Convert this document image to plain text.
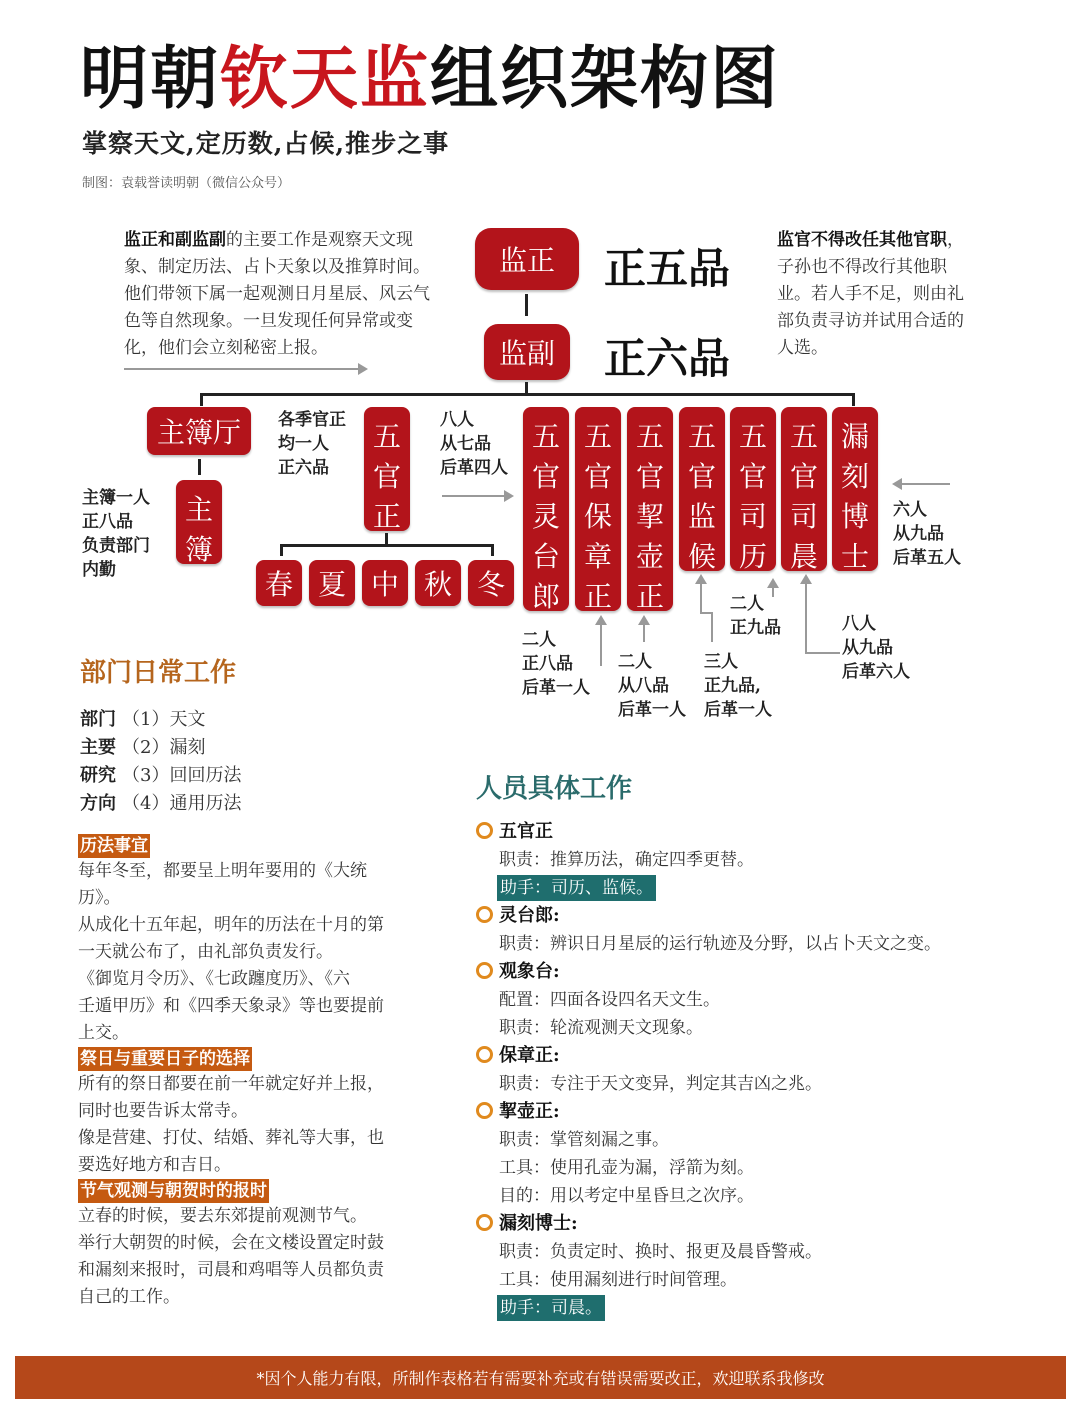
明朝钦天监组织架构图
掌察天文,定历数,占候,推步之事
制图：袁载誉读明朝（微信公众号）
监正和副监副的主要工作是观察天文现象、制定历法、占卜天象以及推算时间。他们带领下属一起观测日月星辰、风云气色等自然现象。一旦发现任何异常或变化，他们会立刻秘密上报。
监官不得改任其他官职，子孙也不得改行其他职业。若人手不足，则由礼部负责寻访并试用合适的人选。
监正
监副
正五品
正六品
主簿厅
主
簿
主簿一人
正八品
负责部门
内勤
各季官正
均一人
正六品
五
官
正
春 夏 中 秋 冬
八人
从七品
后革四人
五
官
灵
台
郎
五
官
保
章
正
五
官
挈
壶
正
五
官
监
候
五
官
司
历
五
官
司
晨
漏
刻
博
士
六人
从九品
后革五人
二人
正八品
后革一人
二人
从八品
后革一人
三人
正九品,
后革一人
二人
正九品	八人
从九品
后革六人
部门日常工作
部门 （1）天文
主要 （2）漏刻
研究 （3）回回历法
方向 （4）通用历法
历法事宜
每年冬至，都要呈上明年要用的《大统
历》。
从成化十五年起，明年的历法在十月的第
一天就公布了，由礼部负责发行。
《御览月令历》、《七政躔度历》、《六
壬遁甲历》和《四季天象录》等也要提前
上交。
祭日与重要日子的选择
所有的祭日都要在前一年就定好并上报，
同时也要告诉太常寺。
像是营建、打仗、结婚、葬礼等大事，也
要选好地方和吉日。
节气观测与朝贺时的报时
立春的时候，要去东郊提前观测节气。
举行大朝贺的时候，会在文楼设置定时鼓
和漏刻来报时，司晨和鸡唱等人员都负责
自己的工作。
人员具体工作
五官正
职责：推算历法，确定四季更替。
助手：司历、监候。
灵台郎:
职责：辨识日月星辰的运行轨迹及分野，以占卜天文之变。
观象台:
配置：四面各设四名天文生。
职责：轮流观测天文现象。
保章正:
职责：专注于天文变异，判定其吉凶之兆。
挈壶正:
职责：掌管刻漏之事。
工具：使用孔壶为漏，浮箭为刻。
目的：用以考定中星昏旦之次序。
漏刻博士:
职责：负责定时、换时、报更及晨昏警戒。
工具：使用漏刻进行时间管理。
助手：司晨。
*因个人能力有限，所制作表格若有需要补充或有错误需要改正，欢迎联系我修改
